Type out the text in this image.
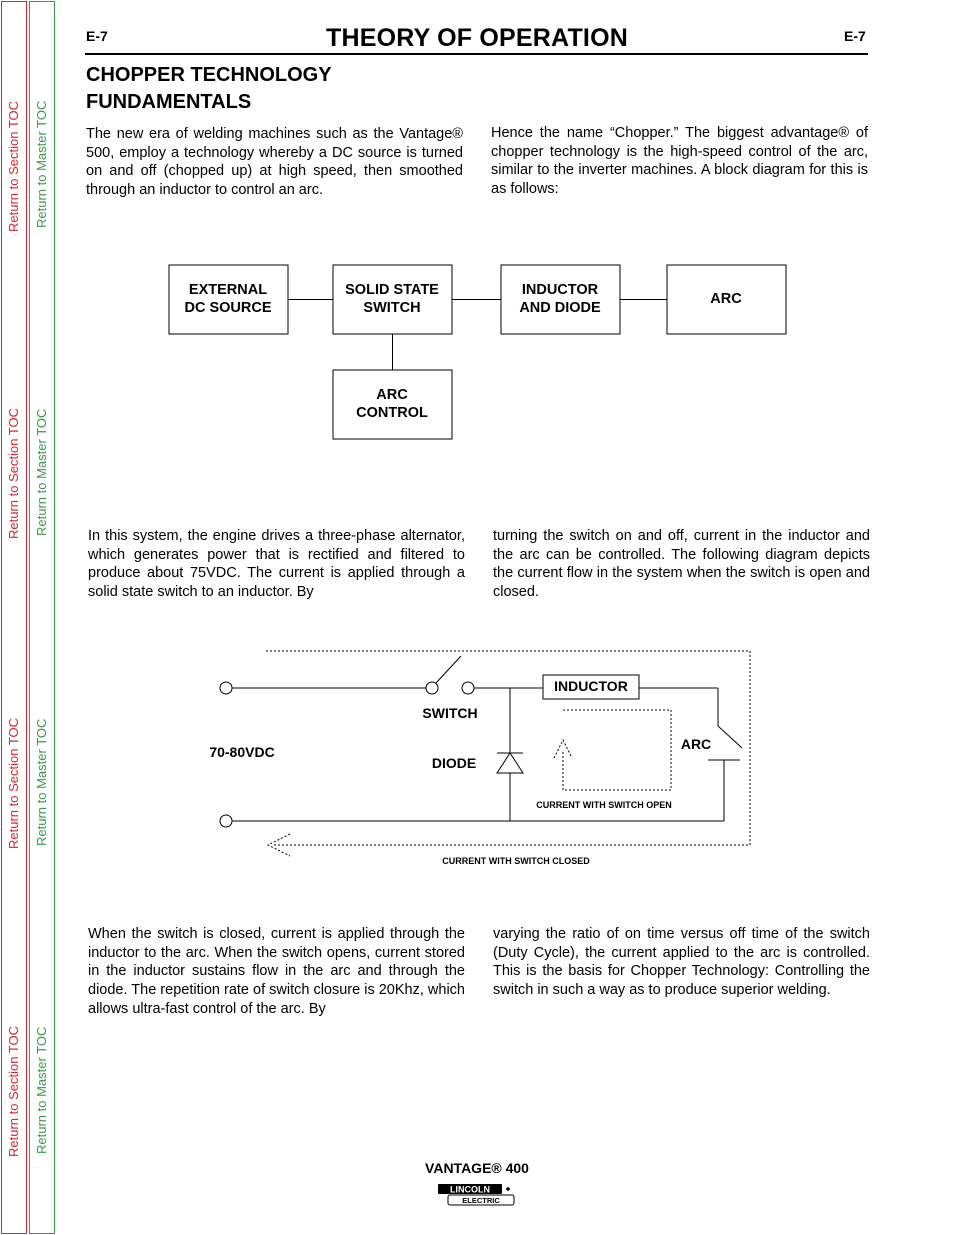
Return to Section TOC
Return to Section TOC
Return to Section TOC
Return to Section TOC
Return to Master TOC
Return to Master TOC
Return to Master TOC
Return to Master TOC
E-7	E-7
THEORY OF OPERATION
CHOPPER TECHNOLOGY
FUNDAMENTALS

The new era of welding machines such as the Vantage® 500, employ a technology whereby a DC source is turned on and off (chopped up) at high speed, then smoothed through an inductor to control an arc.

Hence the name “Chopper.” The biggest advantage® of chopper technology is the high-speed control of the arc, similar to the inverter machines. A block diagram for this is as follows:

EXTERNAL
DC SOURCE
SOLID STATE
SWITCH
INDUCTOR
AND DIODE
ARC
ARC
CONTROL

In this system, the engine drives a three-phase alternator, which generates power that is rectified and filtered to produce about 75VDC. The current is applied through a solid state switch to an inductor. By

turning the switch on and off, current in the inductor and the arc can be controlled. The following diagram depicts the current flow in the system when the switch is open and closed.

INDUCTOR
SWITCH
70-80VDC
DIODE
ARC
CURRENT WITH SWITCH OPEN
CURRENT WITH SWITCH CLOSED

When the switch is closed, current is applied through the inductor to the arc. When the switch opens, current stored in the inductor sustains flow in the arc and through the diode. The repetition rate of switch closure is 20Khz, which allows ultra-fast control of the arc. By

varying the ratio of on time versus off time of the switch (Duty Cycle), the current applied to the arc is controlled. This is the basis for Chopper Technology: Controlling the switch in such a way as to produce superior welding.

VANTAGE® 400
LINCOLN
ELECTRIC
